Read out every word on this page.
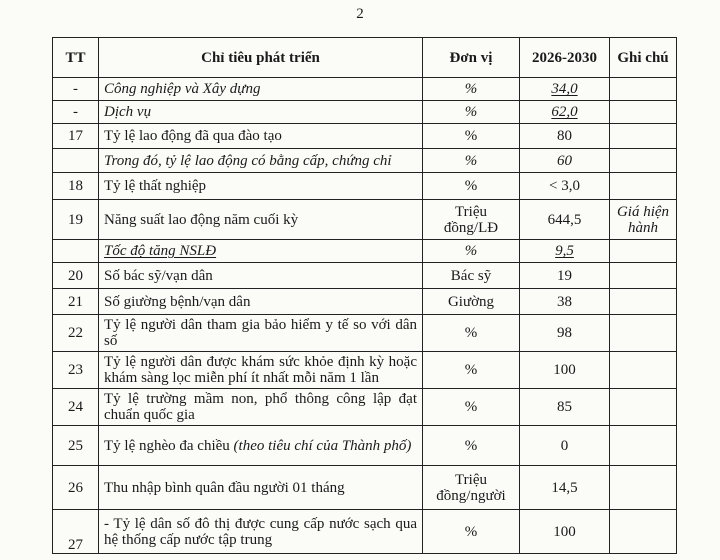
2
TT	Chỉ tiêu phát triển	Đơn vị	2026-2030	Ghi chú
-	Công nghiệp và Xây dựng	%	34,0	
-	Dịch vụ	%	62,0	
17	Tỷ lệ lao động đã qua đào tạo	%	80	
	Trong đó, tỷ lệ lao động có bằng cấp, chứng chỉ	%	60	
18	Tỷ lệ thất nghiệp	%	< 3,0	
19	Năng suất lao động năm cuối kỳ	Triệu đồng/LĐ	644,5	Giá hiện hành
	Tốc độ tăng NSLĐ	%	9,5	
20	Số bác sỹ/vạn dân	Bác sỹ	19	
21	Số giường bệnh/vạn dân	Giường	38	
22	Tỷ lệ người dân tham gia bảo hiểm y tế so với dân số	%	98	
23	Tỷ lệ người dân được khám sức khỏe định kỳ hoặc khám sàng lọc miễn phí ít nhất mỗi năm 1 lần	%	100	
24	Tỷ lệ trường mầm non, phổ thông công lập đạt chuẩn quốc gia	%	85	
25	Tỷ lệ nghèo đa chiều (theo tiêu chí của Thành phố)	%	0	
26	Thu nhập bình quân đầu người 01 tháng	Triệu đồng/người	14,5	
27	- Tỷ lệ dân số đô thị được cung cấp nước sạch qua hệ thống cấp nước tập trung	%	100	
